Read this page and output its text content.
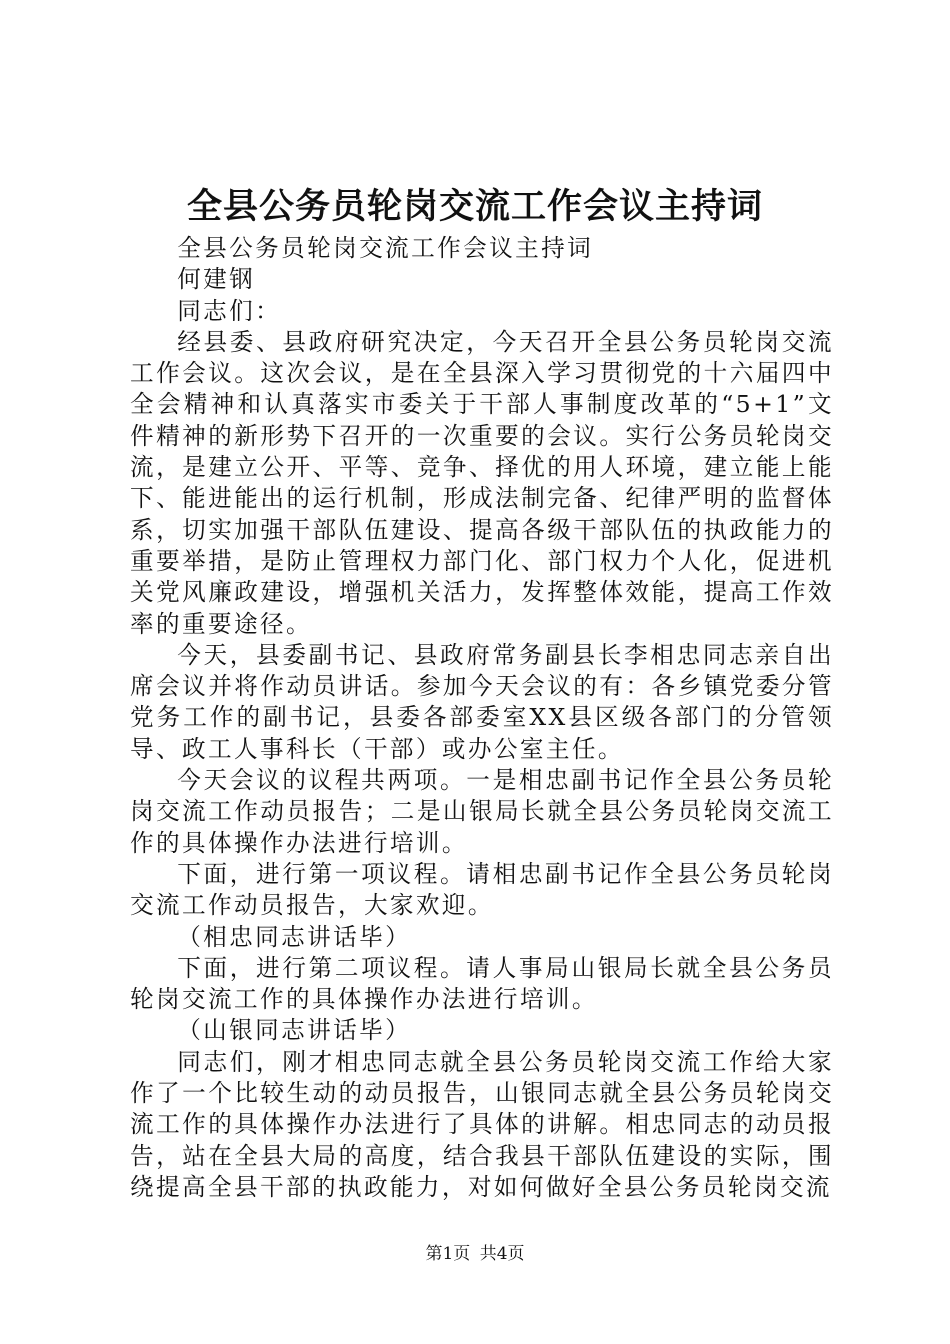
全县公务员轮岗交流工作会议主持词

全县公务员轮岗交流工作会议主持词

何建钢

同志们：

经县委、县政府研究决定，今天召开全县公务员轮岗交流工作会议。这次会议，是在全县深入学习贯彻党的十六届四中全会精神和认真落实市委关于干部人事制度改革的“5+1”文件精神的新形势下召开的一次重要的会议。实行公务员轮岗交流，是建立公开、平等、竞争、择优的用人环境，建立能上能下、能进能出的运行机制，形成法制完备、纪律严明的监督体系，切实加强干部队伍建设、提高各级干部队伍的执政能力的重要举措，是防止管理权力部门化、部门权力个人化，促进机关党风廉政建设，增强机关活力，发挥整体效能，提高工作效率的重要途径。

今天，县委副书记、县政府常务副县长李相忠同志亲自出席会议并将作动员讲话。参加今天会议的有：各乡镇党委分管党务工作的副书记，县委各部委室XX县区级各部门的分管领导、政工人事科长（干部）或办公室主任。

今天会议的议程共两项。一是相忠副书记作全县公务员轮岗交流工作动员报告；二是山银局长就全县公务员轮岗交流工作的具体操作办法进行培训。

下面，进行第一项议程。请相忠副书记作全县公务员轮岗交流工作动员报告，大家欢迎。

（相忠同志讲话毕）

下面，进行第二项议程。请人事局山银局长就全县公务员轮岗交流工作的具体操作办法进行培训。

（山银同志讲话毕）

同志们，刚才相忠同志就全县公务员轮岗交流工作给大家作了一个比较生动的动员报告，山银同志就全县公务员轮岗交流工作的具体操作办法进行了具体的讲解。相忠同志的动员报告，站在全县大局的高度，结合我县干部队伍建设的实际，围绕提高全县干部的执政能力，对如何做好全县公务员轮岗交流

第1页 共4页
